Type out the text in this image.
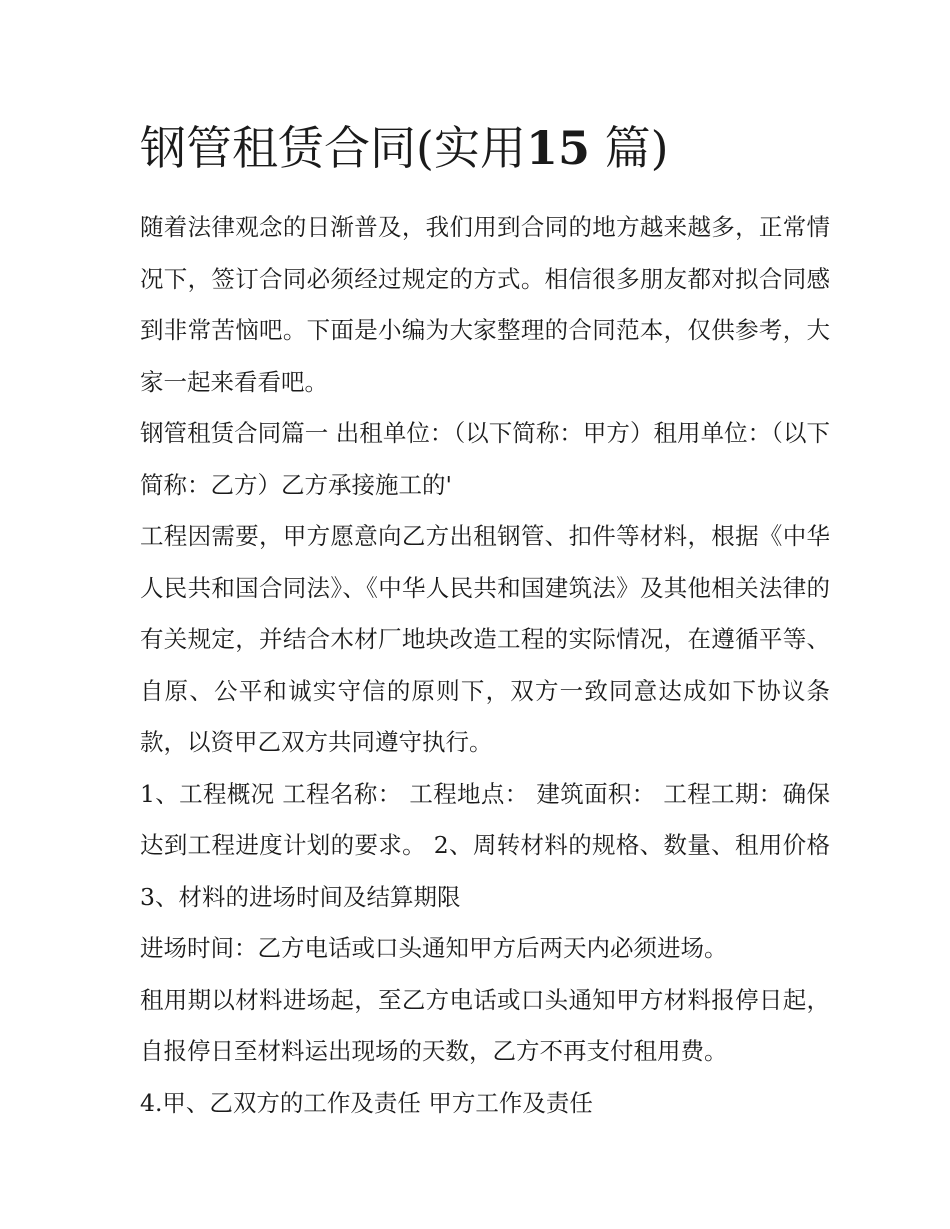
钢管租赁合同(实用15 篇)

随着法律观念的日渐普及，我们用到合同的地方越来越多，正常情况下，签订合同必须经过规定的方式。相信很多朋友都对拟合同感到非常苦恼吧。下面是小编为大家整理的合同范本，仅供参考，大家一起来看看吧。

钢管租赁合同篇一 出租单位：（以下简称：甲方）租用单位：（以下简称：乙方）乙方承接施工的'

工程因需要，甲方愿意向乙方出租钢管、扣件等材料，根据《中华人民共和国合同法》、《中华人民共和国建筑法》及其他相关法律的有关规定，并结合木材厂地块改造工程的实际情况，在遵循平等、自原、公平和诚实守信的原则下，双方一致同意达成如下协议条款，以资甲乙双方共同遵守执行。

1、工程概况 工程名称： 工程地点： 建筑面积： 工程工期：确保达到工程进度计划的要求。 2、周转材料的规格、数量、租用价格 3、材料的进场时间及结算期限

进场时间：乙方电话或口头通知甲方后两天内必须进场。

租用期以材料进场起，至乙方电话或口头通知甲方材料报停日起，自报停日至材料运出现场的天数，乙方不再支付租用费。

4.甲、乙双方的工作及责任 甲方工作及责任
